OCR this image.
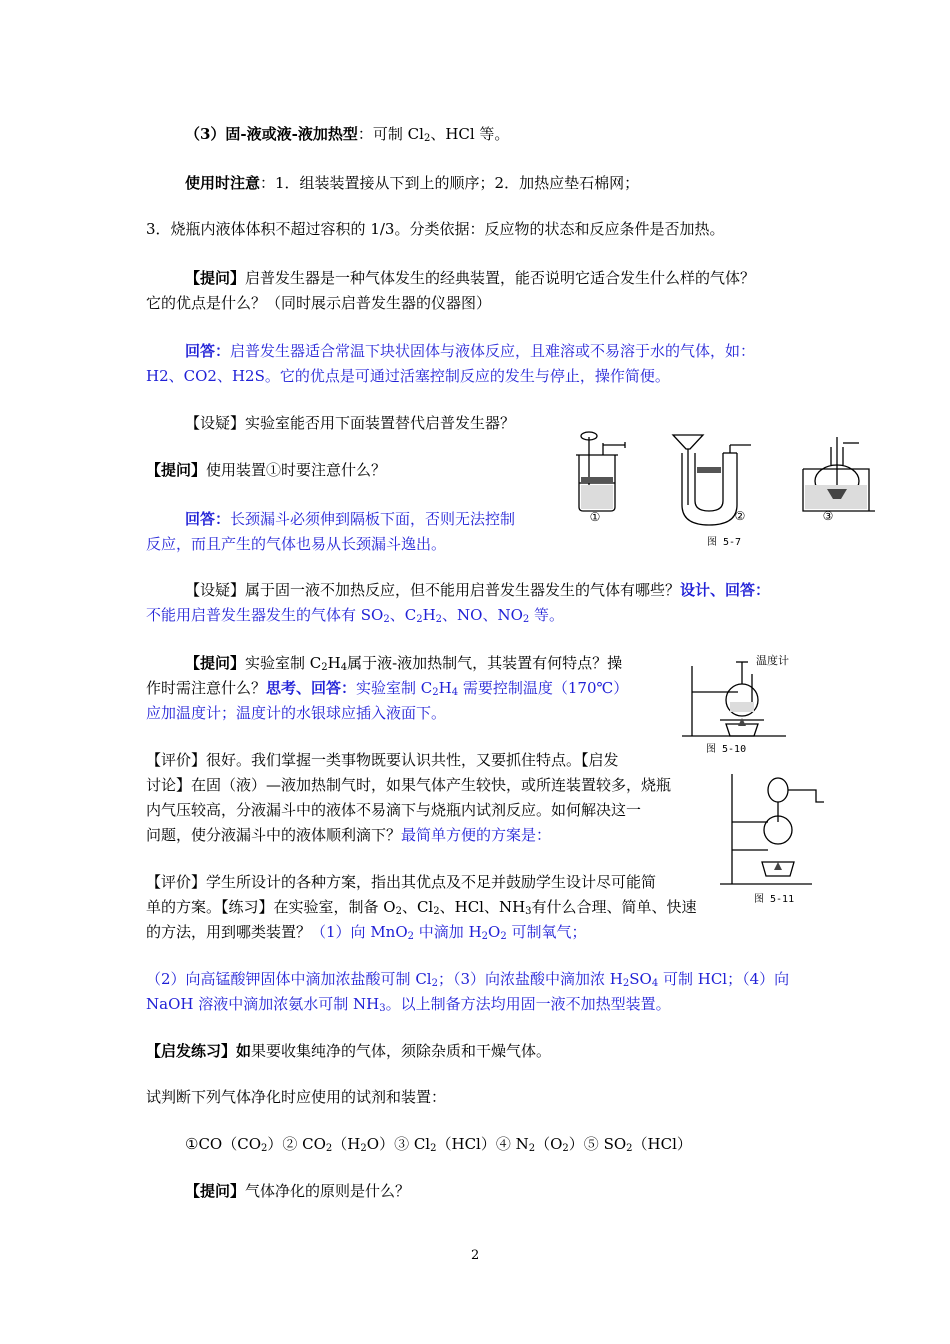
（3）固-液或液-液加热型：可制 $Cl_2$、HCl 等。
使用时注意：1．组装装置接从下到上的顺序；2．加热应垫石棉网；
3．烧瓶内液体体积不超过容积的 1/3。分类依据：反应物的状态和反应条件是否加热。
【提问】启普发生器是一种气体发生的经典装置，能否说明它适合发生什么样的气体？
它的优点是什么？（同时展示启普发生器的仪器图）
回答：启普发生器适合常温下块状固体与液体反应，且难溶或不易溶于水的气体，如：
H2、CO2、H2S。它的优点是可通过活塞控制反应的发生与停止，操作简便。
【设疑】实验室能否用下面装置替代启普发生器？
【提问】使用装置①时要注意什么？
回答：长颈漏斗必须伸到隔板下面，否则无法控制
反应，而且产生的气体也易从长颈漏斗逸出。
【设疑】属于固一液不加热反应，但不能用启普发生器发生的气体有哪些？设计、回答：
不能用启普发生器发生的气体有 $SO_2$、$C_2H_2$、NO、$NO_2$ 等。
【提问】实验室制 $C_2H_4$属于液-液加热制气，其装置有何特点？操
作时需注意什么？思考、回答：实验室制 $C_2H_4$ 需要控制温度（170℃）
应加温度计；温度计的水银球应插入液面下。
【评价】很好。我们掌握一类事物既要认识共性，又要抓住特点。【启发
讨论】在固（液）—液加热制气时，如果气体产生较快，或所连装置较多，烧瓶
内气压较高，分液漏斗中的液体不易滴下与烧瓶内试剂反应。如何解决这一
问题，使分液漏斗中的液体顺利滴下？最简单方便的方案是：
【评价】学生所设计的各种方案，指出其优点及不足并鼓励学生设计尽可能简
单的方案。【练习】在实验室，制备 $O_2$、$Cl_2$、HCl、$NH_3$有什么合理、简单、快速
的方法，用到哪类装置？（1）向 MnO$_2$ 中滴加 $H_2O_2$ 可制氧气；
（2）向高锰酸钾固体中滴加浓盐酸可制 $Cl_2$；（3）向浓盐酸中滴加浓 $H_2SO_4$ 可制 HCl；（4）向
NaOH 溶液中滴加浓氨水可制 $NH_3$。以上制备方法均用固一液不加热型装置。
【启发练习】如果要收集纯净的气体，须除杂质和干燥气体。
试判断下列气体净化时应使用的试剂和装置：
$①CO(CO_2)②$ $CO_2(H_2O)③$ $Cl_2(HCl)④$ $N_2(O_2)⑤$ $SO_2(HCl)$
【提问】气体净化的原则是什么？
①	②	③
图 5-7
温度计
图 5-10
图 5-11
2
